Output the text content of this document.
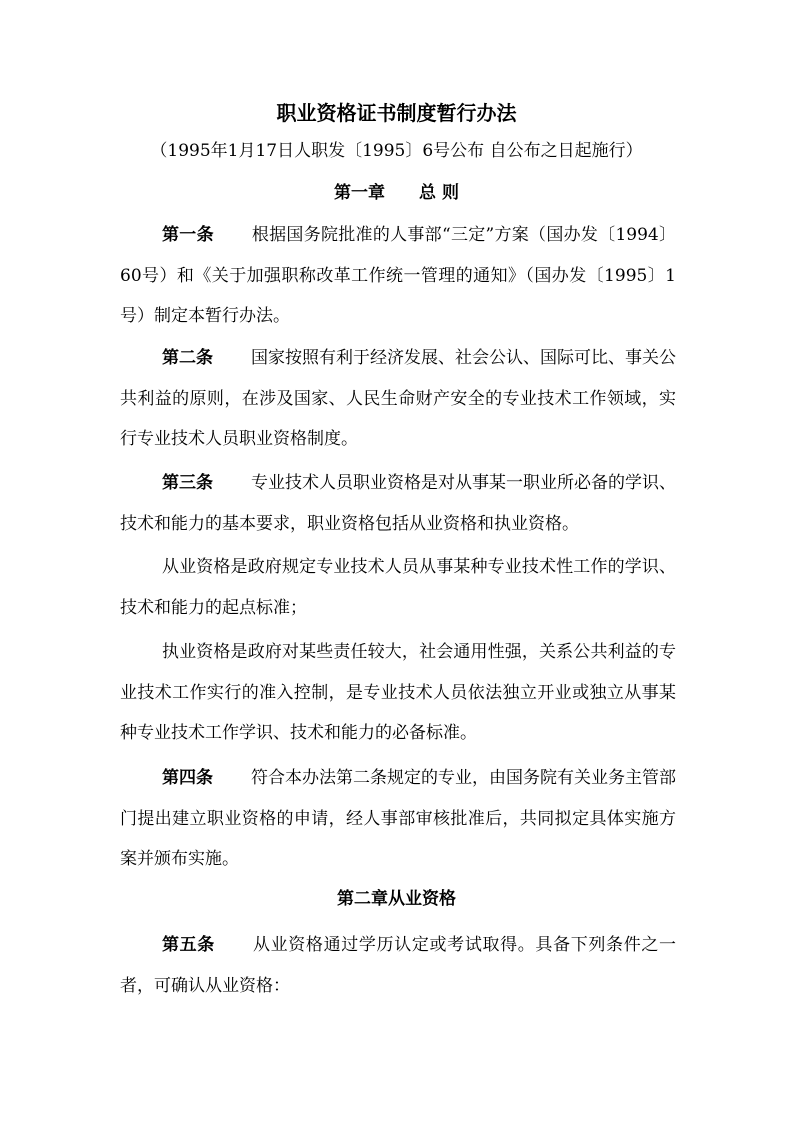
职业资格证书制度暂行办法
（1995年1月17日人职发〔1995〕6号公布 自公布之日起施行）
第一章 总 则
第一条 根据国务院批准的人事部“三定”方案（国办发〔1994〕60号）和《关于加强职称改革工作统一管理的通知》（国办发〔1995〕1号）制定本暂行办法。
第二条 国家按照有利于经济发展、社会公认、国际可比、事关公共利益的原则，在涉及国家、人民生命财产安全的专业技术工作领域，实行专业技术人员职业资格制度。
第三条 专业技术人员职业资格是对从事某一职业所必备的学识、技术和能力的基本要求，职业资格包括从业资格和执业资格。
从业资格是政府规定专业技术人员从事某种专业技术性工作的学识、技术和能力的起点标准；
执业资格是政府对某些责任较大，社会通用性强，关系公共利益的专业技术工作实行的准入控制，是专业技术人员依法独立开业或独立从事某种专业技术工作学识、技术和能力的必备标准。
第四条 符合本办法第二条规定的专业，由国务院有关业务主管部门提出建立职业资格的申请，经人事部审核批准后，共同拟定具体实施方案并颁布实施。
第二章从业资格
第五条 从业资格通过学历认定或考试取得。具备下列条件之一者，可确认从业资格：
